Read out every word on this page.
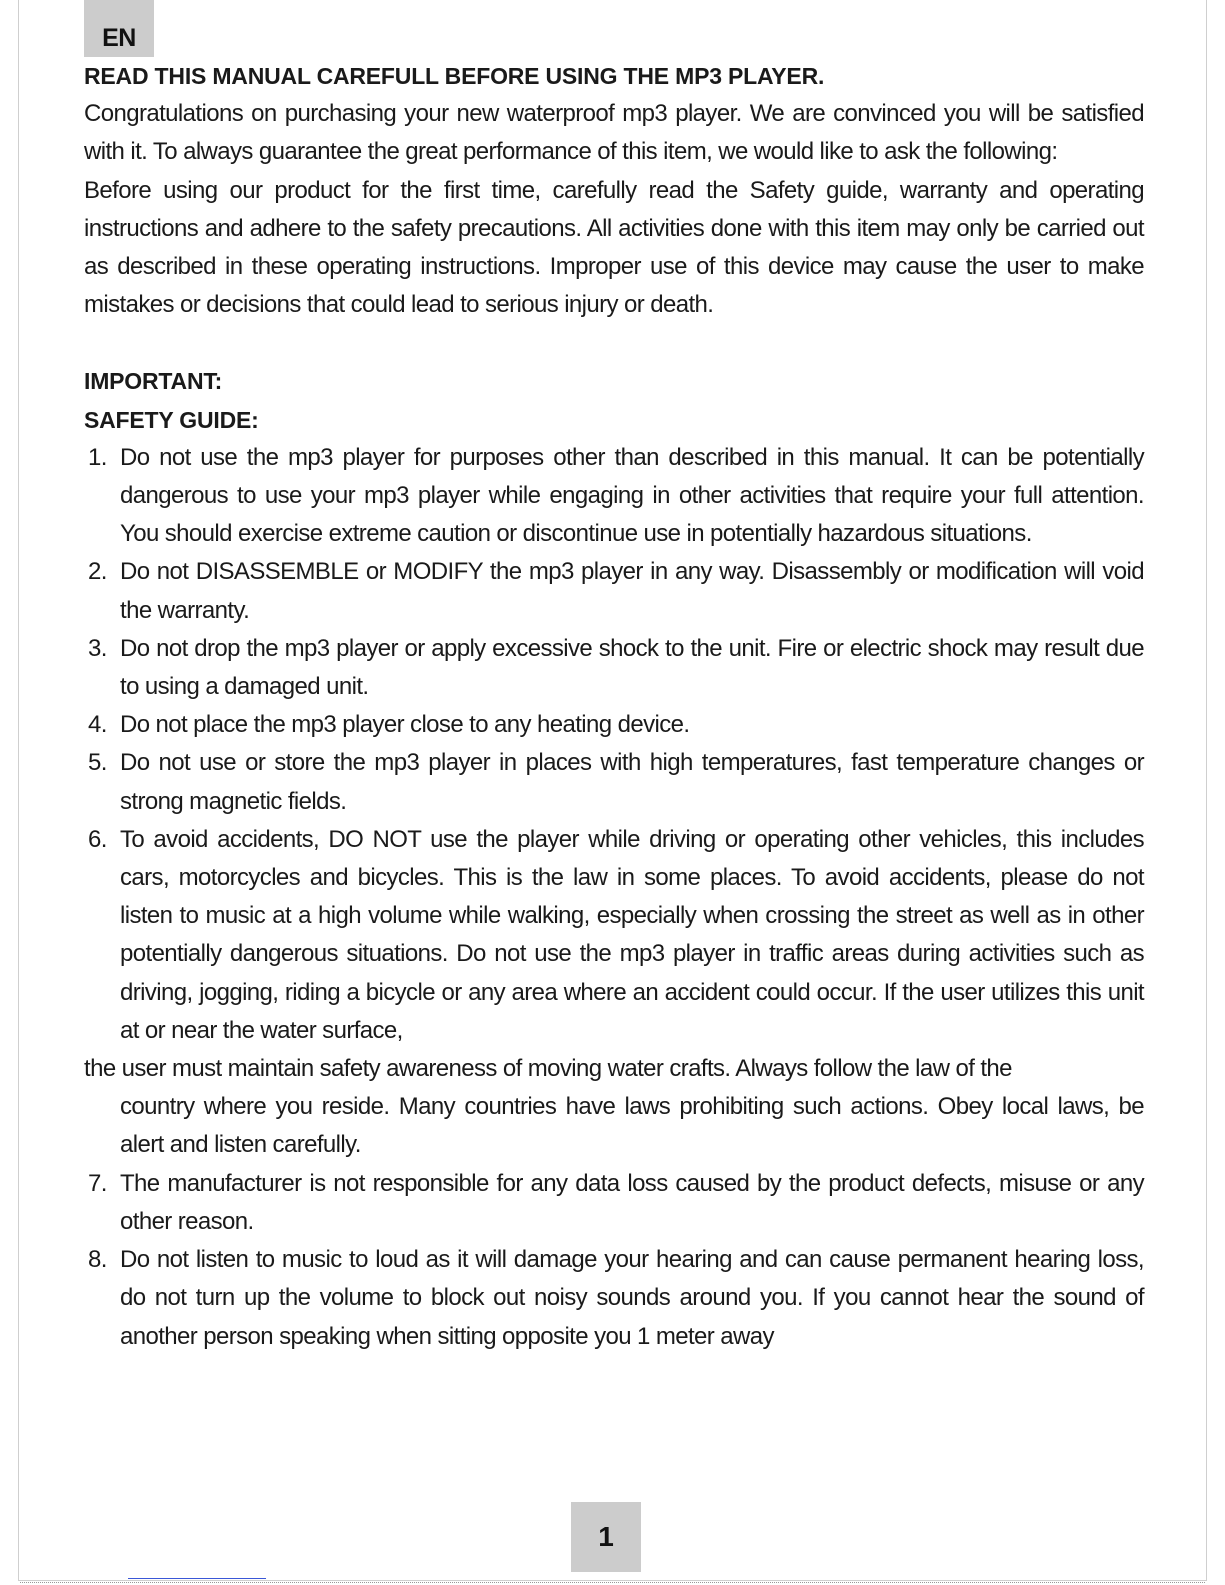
EN

READ THIS MANUAL CAREFULL BEFORE USING THE MP3 PLAYER.

Congratulations on purchasing your new waterproof mp3 player. We are convinced you will be satisfied with it. To always guarantee the great performance of this item, we would like to ask the following:

Before using our product for the first time, carefully read the Safety guide, warranty and operating instructions and adhere to the safety precautions. All activities done with this item may only be carried out as described in these operating instructions. Improper use of this device may cause the user to make mistakes or decisions that could lead to serious injury or death.

IMPORTANT:

SAFETY GUIDE:

1. Do not use the mp3 player for purposes other than described in this manual. It can be potentially dangerous to use your mp3 player while engaging in other activities that require your full attention. You should exercise extreme caution or discontinue use in potentially hazardous situations.
2. Do not DISASSEMBLE or MODIFY the mp3 player in any way. Disassembly or modification will void the warranty.
3. Do not drop the mp3 player or apply excessive shock to the unit. Fire or electric shock may result due to using a damaged unit.
4. Do not place the mp3 player close to any heating device.
5. Do not use or store the mp3 player in places with high temperatures, fast temperature changes or strong magnetic fields.
6. To avoid accidents, DO NOT use the player while driving or operating other vehicles, this includes cars, motorcycles and bicycles. This is the law in some places. To avoid accidents, please do not listen to music at a high volume while walking, especially when crossing the street as well as in other potentially dangerous situations. Do not use the mp3 player in traffic areas during activities such as driving, jogging, riding a bicycle or any area where an accident could occur. If the user utilizes this unit at or near the water surface,
the user must maintain safety awareness of moving water crafts. Always follow the law of the
country where you reside. Many countries have laws prohibiting such actions. Obey local laws, be alert and listen carefully.
7. The manufacturer is not responsible for any data loss caused by the product defects, misuse or any other reason.
8. Do not listen to music to loud as it will damage your hearing and can cause permanent hearing loss, do not turn up the volume to block out noisy sounds around you. If you cannot hear the sound of another person speaking when sitting opposite you 1 meter away
1
